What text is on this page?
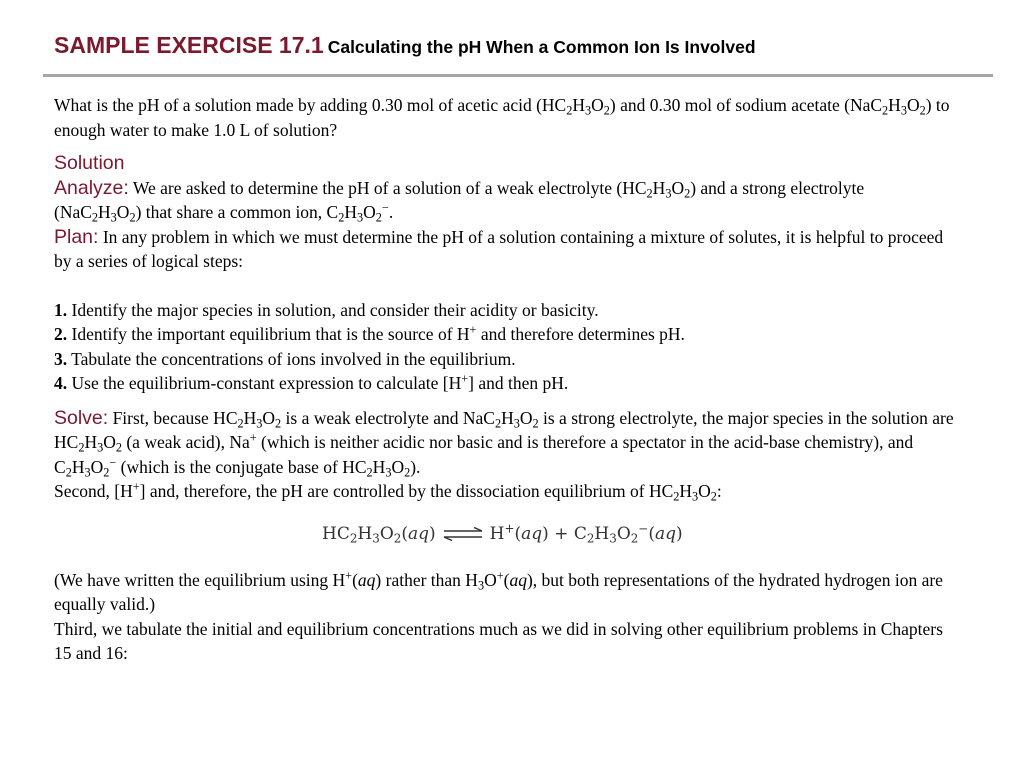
SAMPLE EXERCISE 17.1 Calculating the pH When a Common Ion Is Involved

What is the pH of a solution made by adding 0.30 mol of acetic acid $(HC_2H_3O_2)$ and 0.30 mol of sodium acetate $(NaC_2H_3O_2)$ to enough water to make 1.0 L of solution?

Solution

Analyze: We are asked to determine the pH of a solution of a weak electrolyte $(HC_2H_3O_2)$ and a strong electrolyte $(NaC_2H_3O_2)$ that share a common ion, $C_2H_3O_2^-$.

Plan: In any problem in which we must determine the pH of a solution containing a mixture of solutes, it is helpful to proceed by a series of logical steps:

1. Identify the major species in solution, and consider their acidity or basicity.

2. Identify the important equilibrium that is the source of H+ and therefore determines pH.

3. Tabulate the concentrations of ions involved in the equilibrium.

4. Use the equilibrium-constant expression to calculate [H+] and then pH.

Solve: First, because $HC_2H_3O_2$ is a weak electrolyte and $NaC_2H_3O_2$ is a strong electrolyte, the major species in the solution are $HC_2H_3O_2$ (a weak acid), Na+ (which is neither acidic nor basic and is therefore a spectator in the acid-base chemistry), and $C_2H_3O_2^-$ (which is the conjugate base of $HC_2H_3O_2$).

Second, [H+] and, therefore, the pH are controlled by the dissociation equilibrium of $HC_2H_3O_2$:

$HC_2H_3O_2(aq)$ ⇌ $H^+(aq) + C_2H_3O_2^-(aq)$

(We have written the equilibrium using H+(aq) rather than $H_3O^+(aq)$, but both representations of the hydrated hydrogen ion are equally valid.)

Third, we tabulate the initial and equilibrium concentrations much as we did in solving other equilibrium problems in Chapters 15 and 16:
